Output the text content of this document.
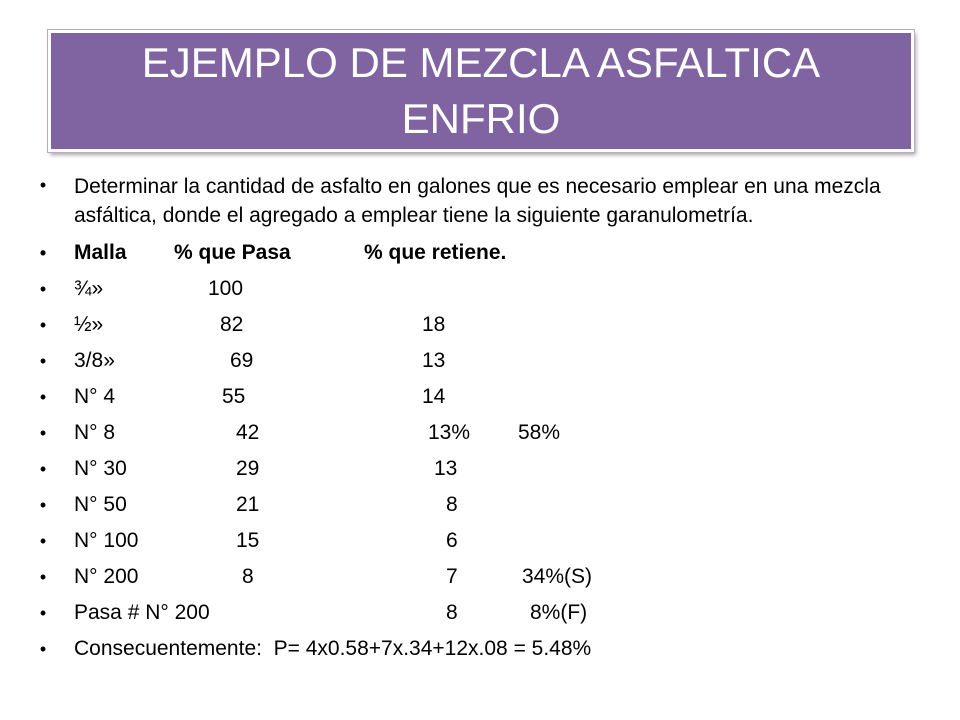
EJEMPLO DE MEZCLA ASFALTICA
ENFRIO
• Determinar la cantidad de asfalto en galones que es necesario emplear en una mezcla asfáltica, donde el agregado a emplear tiene la siguiente garanulometría.
• Malla % que Pasa	% que retiene.
• ¾»	100
• ½»	82	18
• 3/8»	69	13
• N° 4	55	14
• N° 8	42	13% 58%
• N° 30	29	13
• N° 50	21	8
• N° 100	15	6
• N° 200	8	7	34%(S)
• Pasa # N° 200	8	8%(F)
• Consecuentemente:  P= 4x0.58+7x.34+12x.08 = 5.48%
